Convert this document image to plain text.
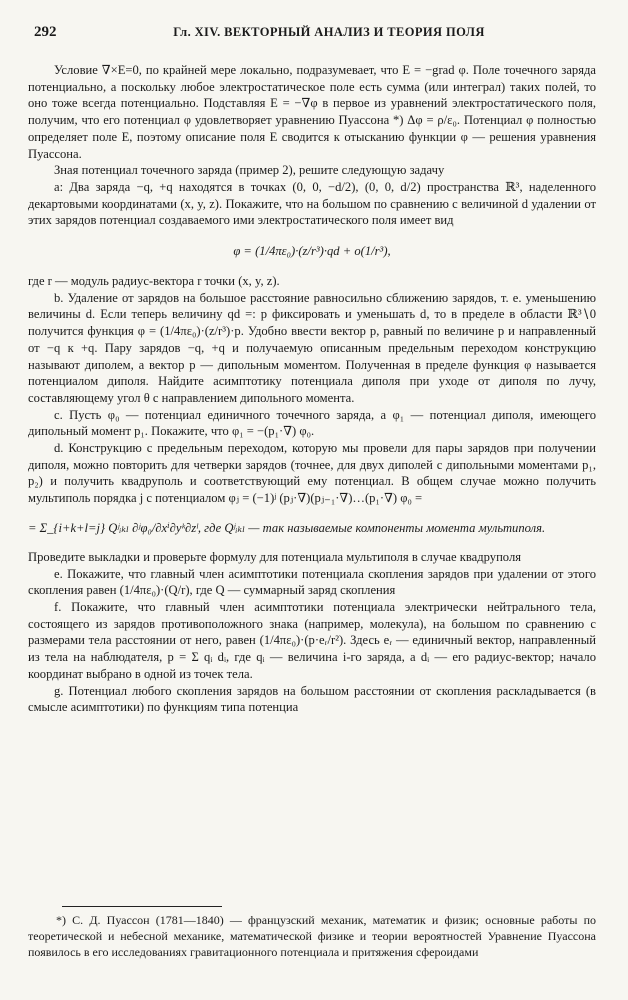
292	Гл. XIV. ВЕКТОРНЫЙ АНАЛИЗ И ТЕОРИЯ ПОЛЯ

Условие ∇×E=0, по крайней мере локально, подразумевает, что E = −grad φ. Поле точечного заряда потенциально, а поскольку любое электростатическое поле есть сумма (или интеграл) таких полей, то оно тоже всегда потенциально. Подставляя E = −∇φ в первое из уравнений электростатического поля, получим, что его потенциал φ удовлетворяет уравнению Пуассона *) Δφ = ρ/ε₀. Потенциал φ полностью определяет поле E, поэтому описание поля E сводится к отысканию функции φ — решения уравнения Пуассона.

Зная потенциал точечного заряда (пример 2), решите следующую задачу

a: Два заряда −q, +q находятся в точках (0, 0, −d/2), (0, 0, d/2) пространства ℝ³, наделенного декартовыми координатами (x, y, z). Покажите, что на большом по сравнению с величиной d удалении от этих зарядов потенциал создаваемого ими электростатического поля имеет вид

φ = (1/4πε₀)·(z/r³)·qd + o(1/r³),

где r — модуль радиус-вектора r точки (x, y, z).

b. Удаление от зарядов на большое расстояние равносильно сближению зарядов, т. е. уменьшению величины d. Если теперь величину qd =: p фиксировать и уменьшать d, то в пределе в области ℝ³∖0 получится функция φ = (1/4πε₀)·(z/r³)·p. Удобно ввести вектор p, равный по величине p и направленный от −q к +q. Пару зарядов −q, +q и получаемую описанным предельным переходом конструкцию называют диполем, а вектор p — дипольным моментом. Полученная в пределе функция φ называется потенциалом диполя. Найдите асимптотику потенциала диполя при уходе от диполя по лучу, составляющему угол θ с направлением дипольного момента.

c. Пусть φ₀ — потенциал единичного точечного заряда, а φ₁ — потенциал диполя, имеющего дипольный момент p₁. Покажите, что φ₁ = −(p₁·∇) φ₀.

d. Конструкцию с предельным переходом, которую мы провели для пары зарядов при получении диполя, можно повторить для четверки зарядов (точнее, для двух диполей с дипольными моментами p₁, p₂) и получить квадруполь и соответствующий ему потенциал. В общем случае можно получить мультиполь порядка j с потенциалом φⱼ = (−1)ʲ (pⱼ·∇)(pⱼ₋₁·∇)…(p₁·∇) φ₀ =

= Σ_{i+k+l=j} Qʲᵢₖₗ ∂ʲφ₀/∂xⁱ∂yᵏ∂zˡ, где Qʲᵢₖₗ — так называемые компоненты момента мультиполя.

Проведите выкладки и проверьте формулу для потенциала мультиполя в случае квадруполя

e. Покажите, что главный член асимптотики потенциала скопления зарядов при удалении от этого скопления равен (1/4πε₀)·(Q/r), где Q — суммарный заряд скопления

f. Покажите, что главный член асимптотики потенциала электрически нейтрального тела, состоящего из зарядов противоположного знака (например, молекула), на большом по сравнению с размерами тела расстоянии от него, равен (1/4πε₀)·(p·eᵣ/r²). Здесь eᵣ — единичный вектор, направленный из тела на наблюдателя, p = Σ qᵢ dᵢ, где qᵢ — величина i-го заряда, а dᵢ — его радиус-вектор; начало координат выбрано в одной из точек тела.

g. Потенциал любого скопления зарядов на большом расстоянии от скопления раскладывается (в смысле асимптотики) по функциям типа потенциа

*) С. Д. Пуассон (1781—1840) — французский механик, математик и физик; основные работы по теоретической и небесной механике, математической физике и теории вероятностей Уравнение Пуассона появилось в его исследованиях гравитационного потенциала и притяжения сфероидами
